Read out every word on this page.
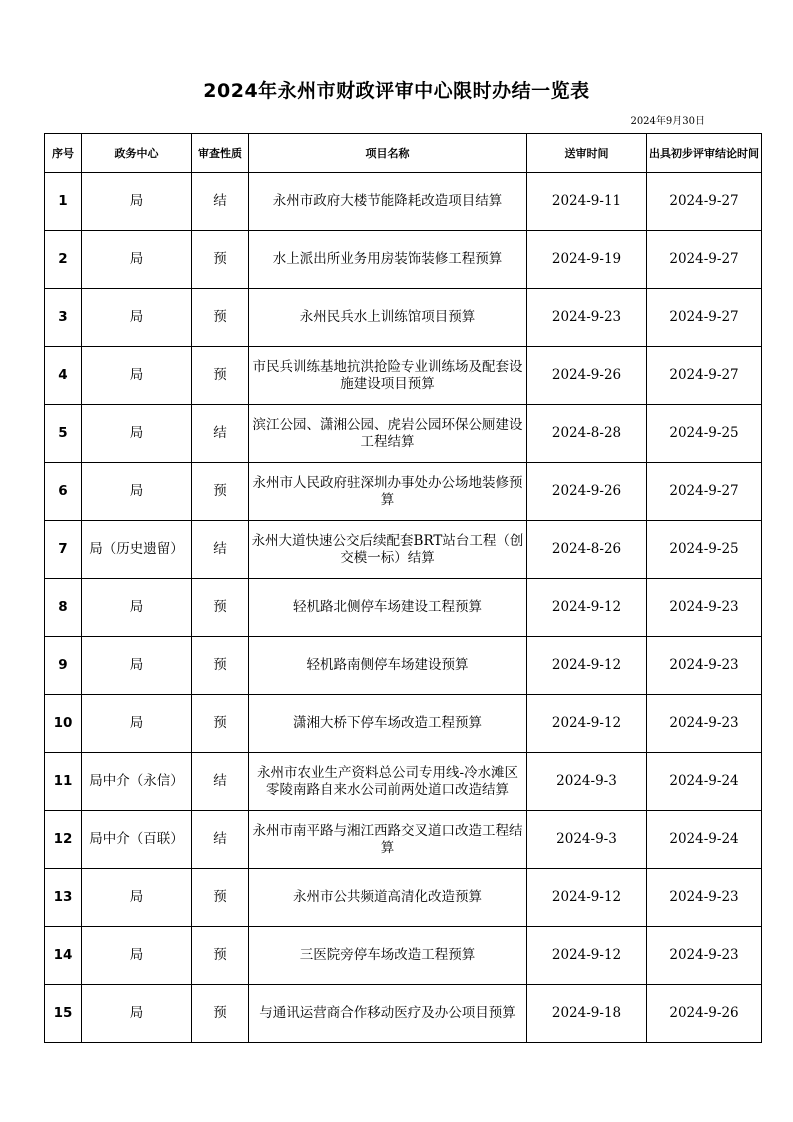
2024年永州市财政评审中心限时办结一览表
2024年9月30日
序号	政务中心	审查性质	项目名称	送审时间	出具初步评审结论时间
1	局	结	永州市政府大楼节能降耗改造项目结算	2024-9-11	2024-9-27
2	局	预	水上派出所业务用房装饰装修工程预算	2024-9-19	2024-9-27
3	局	预	永州民兵水上训练馆项目预算	2024-9-23	2024-9-27
4	局	预	市民兵训练基地抗洪抢险专业训练场及配套设施建设项目预算	2024-9-26	2024-9-27
5	局	结	滨江公园、潇湘公园、虎岩公园环保公厕建设工程结算	2024-8-28	2024-9-25
6	局	预	永州市人民政府驻深圳办事处办公场地装修预算	2024-9-26	2024-9-27
7	局（历史遗留）	结	永州大道快速公交后续配套BRT站台工程（创交模一标）结算	2024-8-26	2024-9-25
8	局	预	轻机路北侧停车场建设工程预算	2024-9-12	2024-9-23
9	局	预	轻机路南侧停车场建设预算	2024-9-12	2024-9-23
10	局	预	潇湘大桥下停车场改造工程预算	2024-9-12	2024-9-23
11	局中介（永信）	结	永州市农业生产资料总公司专用线-冷水滩区零陵南路自来水公司前两处道口改造结算	2024-9-3	2024-9-24
12	局中介（百联）	结	永州市南平路与湘江西路交叉道口改造工程结算	2024-9-3	2024-9-24
13	局	预	永州市公共频道高清化改造预算	2024-9-12	2024-9-23
14	局	预	三医院旁停车场改造工程预算	2024-9-12	2024-9-23
15	局	预	与通讯运营商合作移动医疗及办公项目预算	2024-9-18	2024-9-26
